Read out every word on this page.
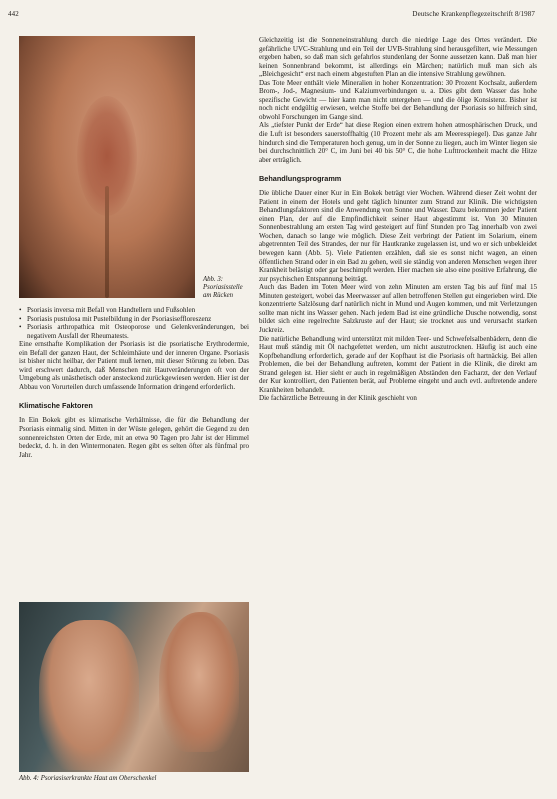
442	Deutsche Krankenpflegezeitschrift 8/1987
Abb. 3: Psoriasisstelle am Rücken
• Psoriasis inversa mit Befall von Handtellern und Fußsohlen
• Psoriasis pustulosa mit Pustelbildung in der Psoriasiseffloreszenz
• Psoriasis arthropathica mit Osteoporose und Gelenkveränderungen, bei negativem Ausfall der Rheumatests.

Eine ernsthafte Komplikation der Psoriasis ist die psoriatische Erythrodermie, ein Befall der ganzen Haut, der Schleimhäute und der inneren Organe. Psoriasis ist bisher nicht heilbar, der Patient muß lernen, mit dieser Störung zu leben. Das wird erschwert dadurch, daß Menschen mit Hautveränderungen oft von der Umgebung als unästhetisch oder ansteckend zurückgewiesen werden. Hier ist der Abbau von Vorurteilen durch umfassende Information dringend erforderlich.

Klimatische Faktoren

In Ein Bokek gibt es klimatische Verhältnisse, die für die Behandlung der Psoriasis einmalig sind. Mitten in der Wüste gelegen, gehört die Gegend zu den sonnenreichsten Orten der Erde, mit an etwa 90 Tagen pro Jahr ist der Himmel bedeckt, d. h. in den Wintermonaten. Regen gibt es selten öfter als fünfmal pro Jahr.

Abb. 4: Psoriasiserkrankte Haut am Oberschenkel

Gleichzeitig ist die Sonneneinstrahlung durch die niedrige Lage des Ortes verändert. Die gefährliche UVC-Strahlung und ein Teil der UVB-Strahlung sind herausgefiltert, wie Messungen ergeben haben, so daß man sich gefahrlos stundenlang der Sonne aussetzen kann. Daß man hier keinen Sonnenbrand bekommt, ist allerdings ein Märchen; natürlich muß man sich als „Bleichgesicht“ erst nach einem abgestuften Plan an die intensive Strahlung gewöhnen.

Das Tote Meer enthält viele Mineralien in hoher Konzentration: 30 Prozent Kochsalz, außerdem Brom-, Jod-, Magnesium- und Kalziumverbindungen u. a. Dies gibt dem Wasser das hohe spezifische Gewicht — hier kann man nicht untergehen — und die ölige Konsistenz. Bisher ist noch nicht endgültig erwiesen, welche Stoffe bei der Behandlung der Psoriasis so hilfreich sind, obwohl Forschungen im Gange sind.

Als „tiefster Punkt der Erde“ hat diese Region einen extrem hohen atmosphärischen Druck, und die Luft ist besonders sauerstoffhaltig (10 Prozent mehr als am Meeresspiegel). Das ganze Jahr hindurch sind die Temperaturen hoch genug, um in der Sonne zu liegen, auch im Winter liegen sie bei durchschnittlich 20° C, im Juni bei 40 bis 50° C, die hohe Lufttrockenheit macht die Hitze aber erträglich.

Behandlungsprogramm

Die übliche Dauer einer Kur in Ein Bokek beträgt vier Wochen. Während dieser Zeit wohnt der Patient in einem der Hotels und geht täglich hinunter zum Strand zur Klinik. Die wichtigsten Behandlungsfaktoren sind die Anwendung von Sonne und Wasser. Dazu bekommen jeder Patient einen Plan, der auf die Empfindlichkeit seiner Haut abgestimmt ist. Von 30 Minuten Sonnenbestrahlung am ersten Tag wird gesteigert auf fünf Stunden pro Tag innerhalb von zwei Wochen, danach so lange wie möglich. Diese Zeit verbringt der Patient im Solarium, einem abgetrennten Teil des Strandes, der nur für Hautkranke zugelassen ist, und wo er sich unbekleidet bewegen kann (Abb. 5). Viele Patienten erzählen, daß sie es sonst nicht wagen, an einen öffentlichen Strand oder in ein Bad zu gehen, weil sie ständig von anderen Menschen wegen ihrer Krankheit belästigt oder gar beschimpft werden. Hier machen sie also eine positive Erfahrung, die zur psychischen Entspannung beiträgt.

Auch das Baden im Toten Meer wird von zehn Minuten am ersten Tag bis auf fünf mal 15 Minuten gesteigert, wobei das Meerwasser auf allen betroffenen Stellen gut eingerieben wird. Die konzentrierte Salzlösung darf natürlich nicht in Mund und Augen kommen, und mit Verletzungen sollte man nicht ins Wasser gehen. Nach jedem Bad ist eine gründliche Dusche notwendig, sonst bildet sich eine regelrechte Salzkruste auf der Haut; sie trocknet aus und verursacht starken Juckreiz.

Die natürliche Behandlung wird unterstützt mit milden Teer- und Schwefelsalbenbädern, denn die Haut muß ständig mit Öl nachgefettet werden, um nicht auszutrocknen. Häufig ist auch eine Kopfbehandlung erforderlich, gerade auf der Kopfhaut ist die Psoriasis oft hartnäckig. Bei allen Problemen, die bei der Behandlung auftreten, kommt der Patient in die Klinik, die direkt am Strand gelegen ist. Hier sieht er auch in regelmäßigen Abständen den Facharzt, der den Verlauf der Kur kontrolliert, den Patienten berät, auf Probleme eingeht und auch evtl. auftretende andere Krankheiten behandelt.

Die fachärztliche Betreuung in der Klinik geschieht von
